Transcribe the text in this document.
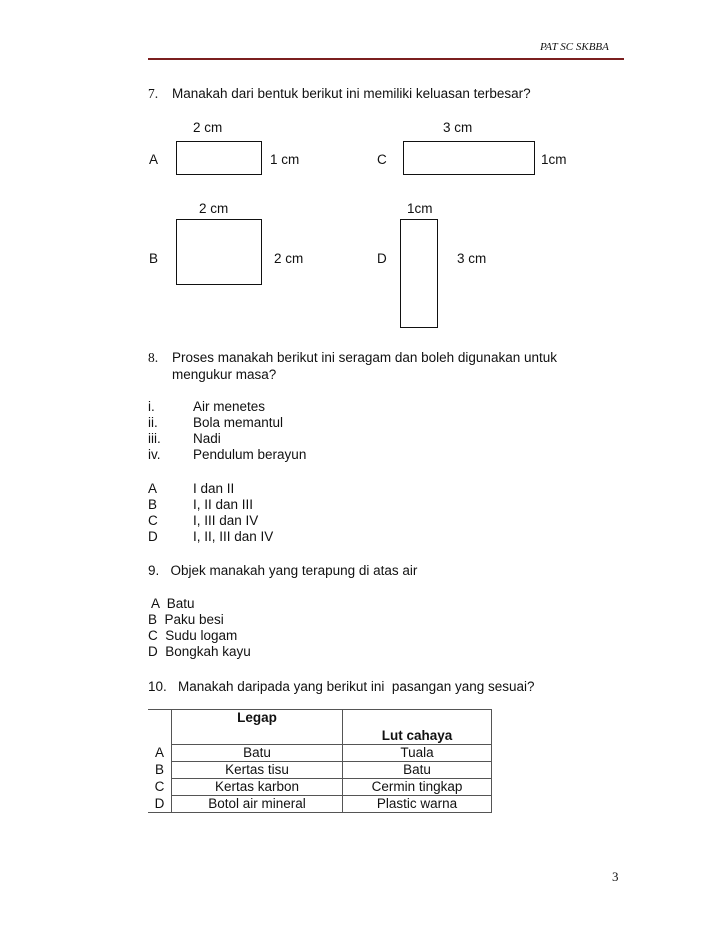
PAT SC SKBBA
7. Manakah dari bentuk berikut ini memiliki keluasan terbesar?
2 cm
A	1 cm
3 cm
C	1cm
2 cm
B	2 cm
1cm
D	3 cm
8. Proses manakah berikut ini seragam dan boleh digunakan untuk
mengukur masa?
i.	Air menetes
ii.	Bola memantul
iii. Nadi
iv. Pendulum berayun
A	I dan II
B	I, II dan III
C	I, III dan IV
D	I, II, III dan IV
9.   Objek manakah yang terapung di atas air
A  Batu
B  Paku besi
C  Sudu logam
D  Bongkah kayu
10.   Manakah daripada yang berikut ini  pasangan yang sesuai?
	Legap	Lut cahaya
A	Batu	Tuala
B	Kertas tisu	Batu
C	Kertas karbon	Cermin tingkap
D	Botol air mineral	Plastic warna
3
